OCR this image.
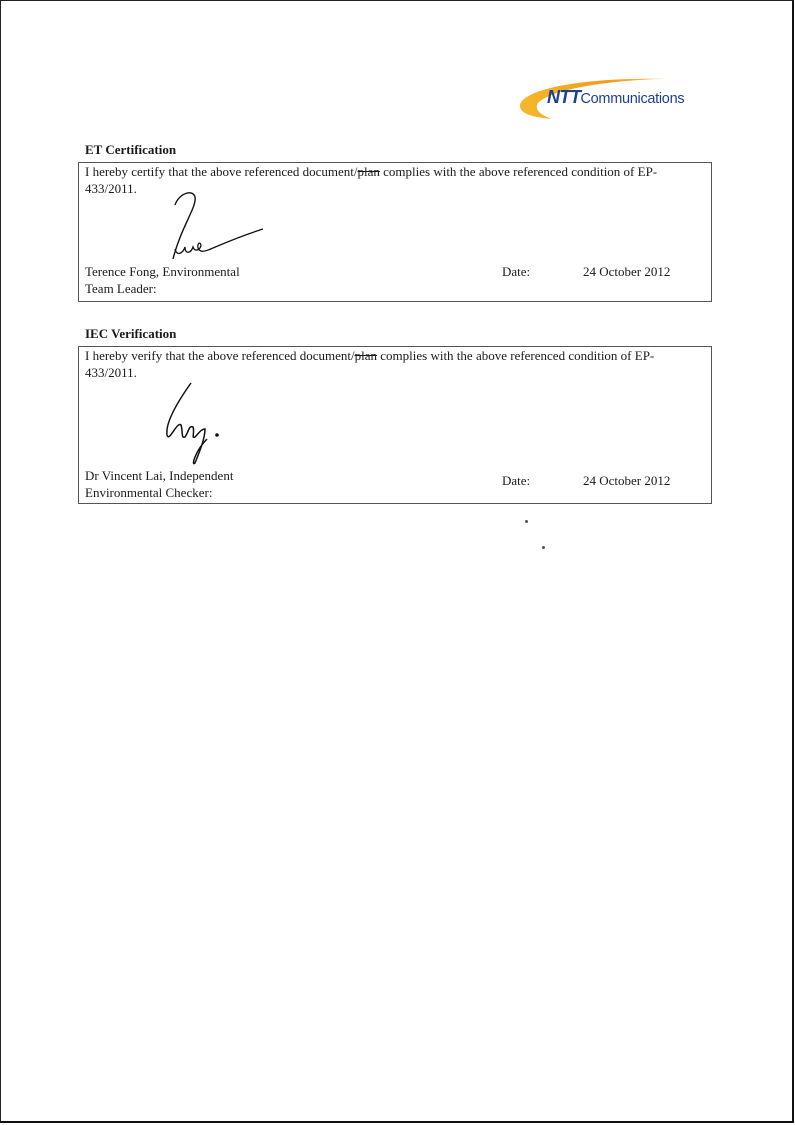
NTTCommunications
ET Certification
I hereby certify that the above referenced document/plan complies with the above referenced condition of EP-433/2011.
Terence Fong, Environmental
Team Leader:
Date:	24 October 2012
IEC Verification
I hereby verify that the above referenced document/plan complies with the above referenced condition of EP-433/2011.
Dr Vincent Lai, Independent
Environmental Checker:
Date:	24 October 2012
